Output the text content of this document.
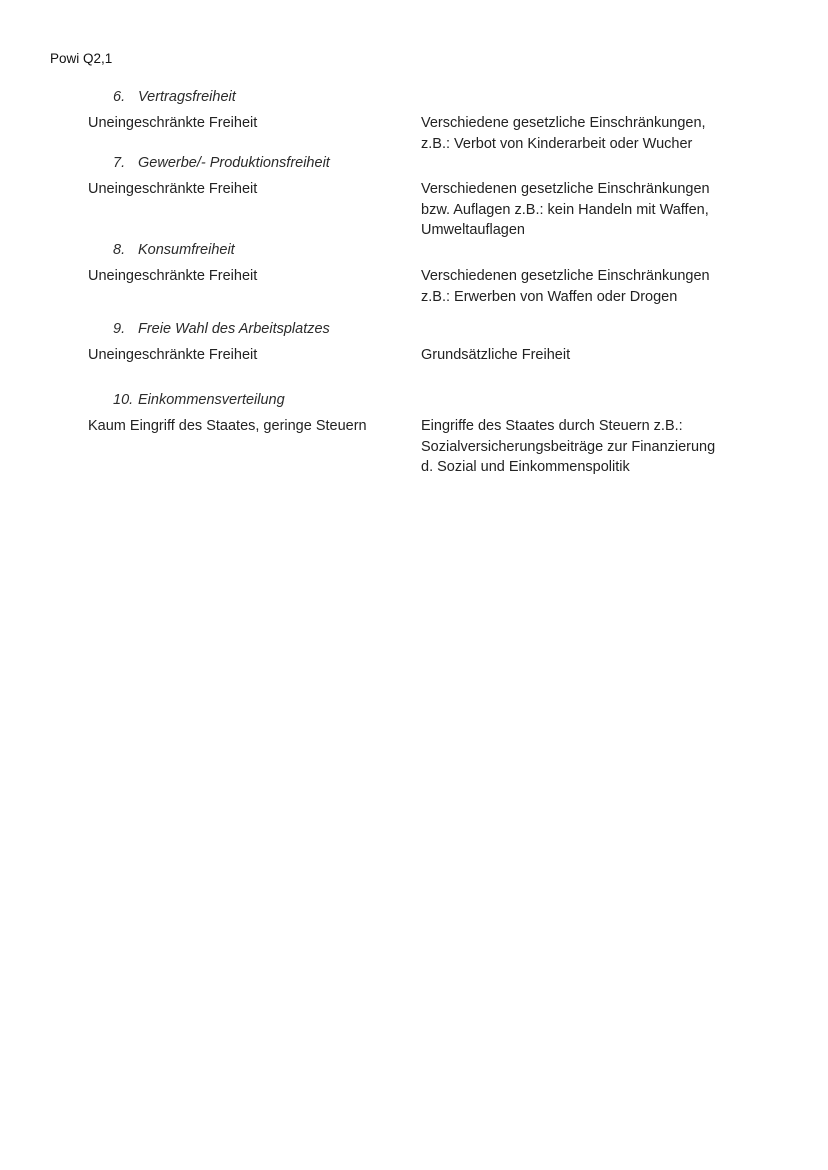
Powi Q2,1
6. Vertragsfreiheit
Uneingeschränkte Freiheit	Verschiedene gesetzliche Einschränkungen,
z.B.: Verbot von Kinderarbeit oder Wucher
7. Gewerbe/- Produktionsfreiheit
Uneingeschränkte Freiheit	Verschiedenen gesetzliche Einschränkungen
bzw. Auflagen z.B.: kein Handeln mit Waffen,
Umweltauflagen
8. Konsumfreiheit
Uneingeschränkte Freiheit	Verschiedenen gesetzliche Einschränkungen
z.B.: Erwerben von Waffen oder Drogen
9. Freie Wahl des Arbeitsplatzes
Uneingeschränkte Freiheit	Grundsätzliche Freiheit
10. Einkommensverteilung
Kaum Eingriff des Staates, geringe Steuern	Eingriffe des Staates durch Steuern z.B.:
Sozialversicherungsbeiträge zur Finanzierung
d. Sozial und Einkommenspolitik
